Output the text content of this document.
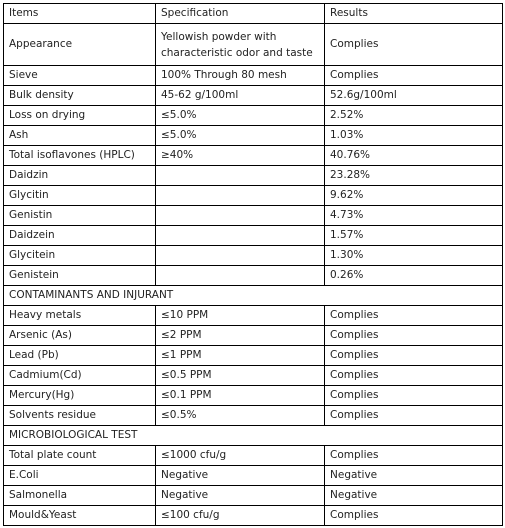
Items	Specification	Results
Appearance	Yellowish powder with characteristic odor and taste	Complies
Sieve	100% Through 80 mesh	Complies
Bulk density	45-62 g/100ml	52.6g/100ml
Loss on drying	≤5.0%	2.52%
Ash	≤5.0%	1.03%
Total isoflavones (HPLC)	≥40%	40.76%
Daidzin		23.28%
Glycitin		9.62%
Genistin		4.73%
Daidzein		1.57%
Glycitein		1.30%
Genistein		0.26%
CONTAMINANTS AND INJURANT		
Heavy metals	≤10 PPM	Complies
Arsenic (As)	≤2 PPM	Complies
Lead (Pb)	≤1 PPM	Complies
Cadmium(Cd)	≤0.5 PPM	Complies
Mercury(Hg)	≤0.1 PPM	Complies
Solvents residue	≤0.5%	Complies
MICROBIOLOGICAL TEST		
Total plate count	≤1000 cfu/g	Complies
E.Coli	Negative	Negative
Salmonella	Negative	Negative
Mould&Yeast	≤100 cfu/g	Complies
